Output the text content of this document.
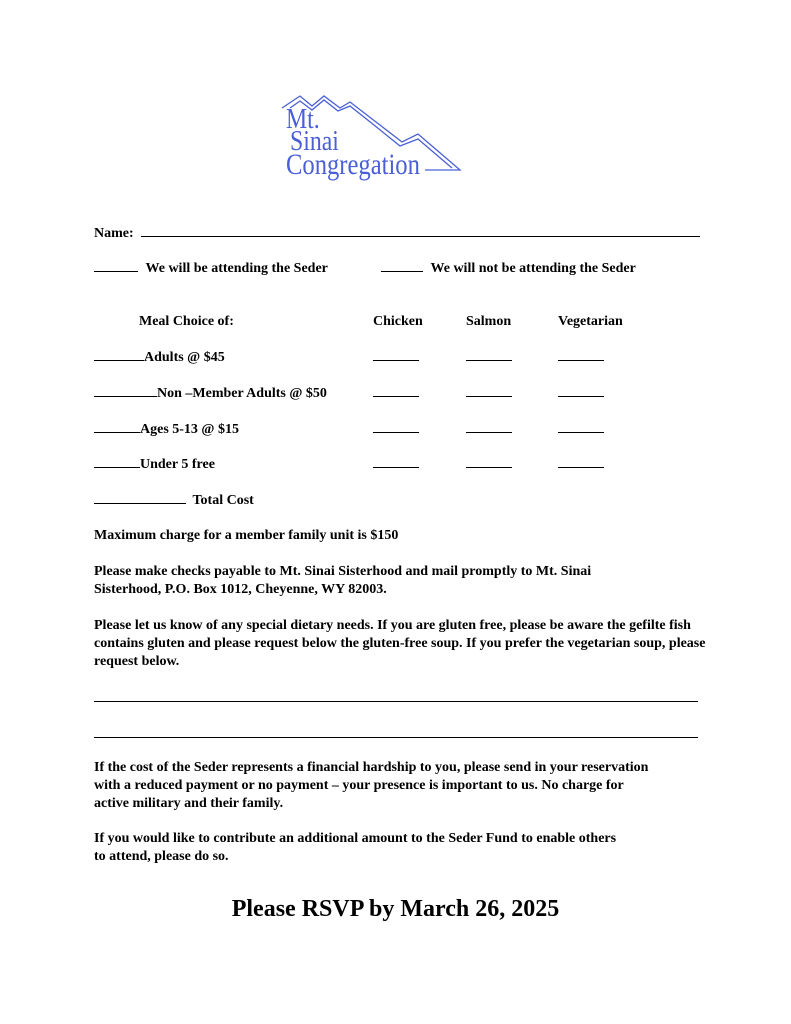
Mt.
Sinai
Congregation
Name:
We will be attending the Seder	We will not be attending the Seder
Meal Choice of:	Chicken	Salmon	Vegetarian
Adults @ $45
Non –Member Adults @ $50
Ages 5-13 @ $15
Under 5 free
Total Cost
Maximum charge for a member family unit is $150
Please make checks payable to Mt. Sinai Sisterhood and mail promptly to Mt. Sinai
Sisterhood, P.O. Box 1012, Cheyenne, WY 82003.
Please let us know of any special dietary needs. If you are gluten free, please be aware the gefilte fish
contains gluten and please request below the gluten-free soup. If you prefer the vegetarian soup, please
request below.
If the cost of the Seder represents a financial hardship to you, please send in your reservation
with a reduced payment or no payment – your presence is important to us. No charge for
active military and their family.
If you would like to contribute an additional amount to the Seder Fund to enable others
to attend, please do so.
Please RSVP by March 26, 2025
